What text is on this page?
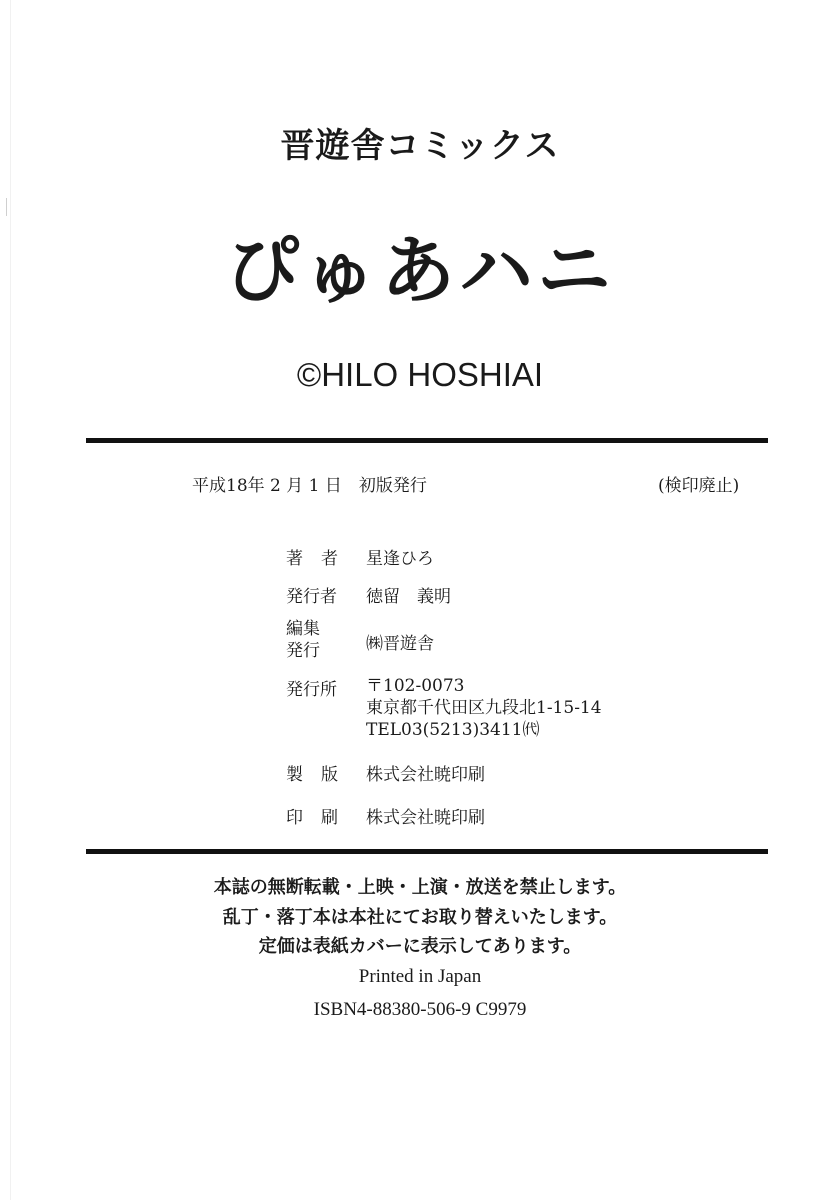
晋遊舎コミックス
ぴゅあハニ
©HILO HOSHIAI
平成18年 2 月 1 日　初版発行	(検印廃止)
著者 星逢ひろ
発行者	徳留　義明
編集
発行	㈱晋遊舎
発行所	〒102-0073
東京都千代田区九段北1-15-14
TEL03(5213)3411㈹
製版 株式会社暁印刷
印刷 株式会社暁印刷
本誌の無断転載・上映・上演・放送を禁止します。
乱丁・落丁本は本社にてお取り替えいたします。
定価は表紙カバーに表示してあります。
Printed in Japan
ISBN4-88380-506-9 C9979
